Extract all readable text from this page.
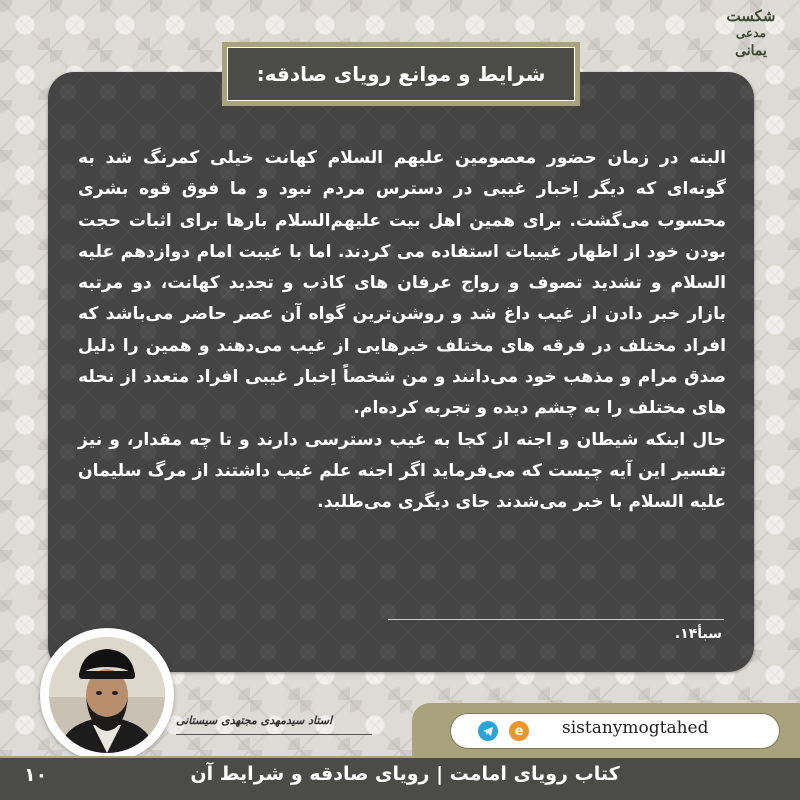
شکست
مدعی
یمانی
شرایط و موانع رویای صادقه:

البته در زمان حضور معصومین علیهم السلام کهانت خیلی کمرنگ شد به گونه‌ای که دیگر اِخبار غیبی در دسترس مردم نبود و ما فوق قوه بشری محسوب می‌گشت. برای همین اهل بیت علیهم‌السلام بارها برای اثبات حجت بودن خود از اظهار غیبیات استفاده می کردند. اما با غیبت امام دوازدهم علیه السلام و تشدید تصوف و رواج عرفان های کاذب و تجدید کهانت، دو مرتبه بازار خبر دادن از غیب داغ شد و روشن‌ترین گواه آن عصر حاضر می‌باشد که افراد مختلف در فرقه های مختلف خبرهایی از غیب می‌دهند و همین را دلیل صدق مرام و مذهب خود می‌دانند و من شخصاً اِخبار غیبی افراد متعدد از نحله های مختلف را به چشم دیده و تجربه کرده‌ام.

حال اینکه شیطان و اجنه از کجا به غیب دسترسی دارند و تا چه مقدار، و نیز تفسیر این آیه چیست که می‌فرماید اگر اجنه علم غیب داشتند از مرگ سلیمان علیه السلام با خبر می‌شدند جای دیگری می‌طلبد.

سبأ۱۴.
استاد سیدمهدی مجتهدی سیستانی
e	sistanymogtahed
کتاب رویای امامت | رویای صادقه و شرایط آن
۱۰
